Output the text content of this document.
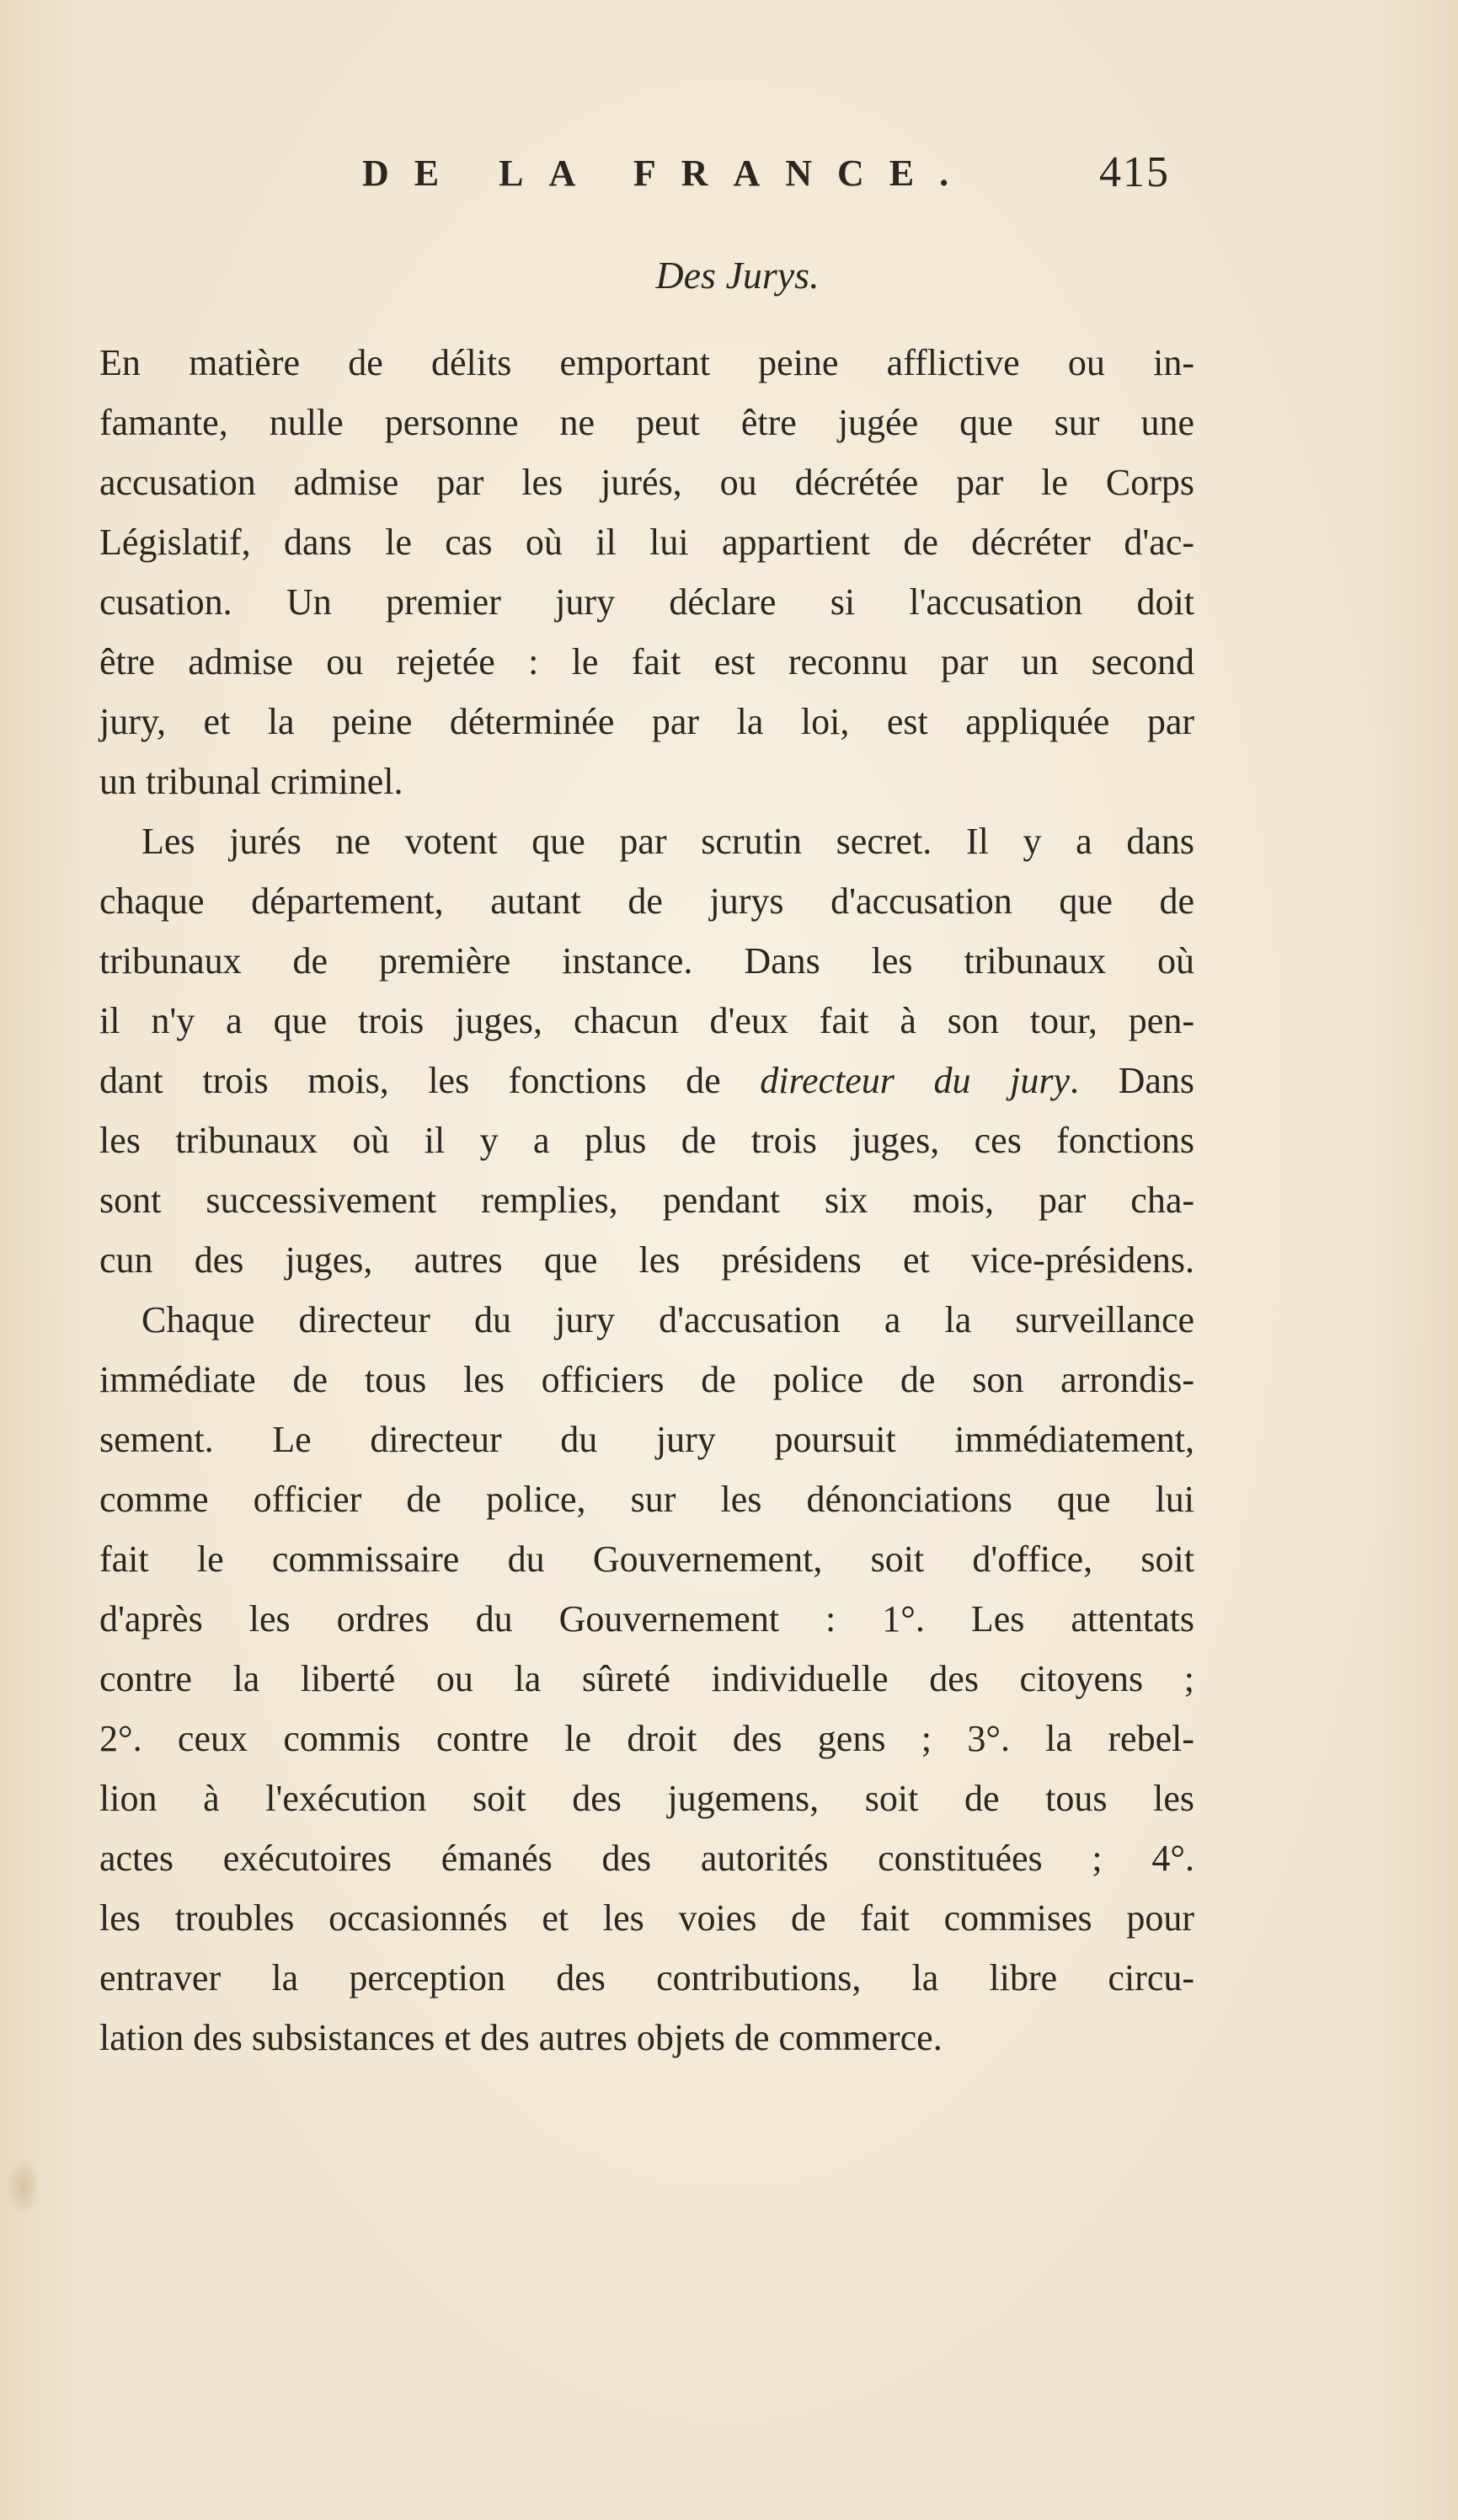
DE LA FRANCE.	415
Des Jurys.
En matière de délits emportant peine afflictive ou in-
famante, nulle personne ne peut être jugée que sur une
accusation admise par les jurés, ou décrétée par le Corps
Législatif, dans le cas où il lui appartient de décréter d'ac-
cusation. Un premier jury déclare si l'accusation doit
être admise ou rejetée : le fait est reconnu par un second
jury, et la peine déterminée par la loi, est appliquée par
un tribunal criminel.
Les jurés ne votent que par scrutin secret. Il y a dans
chaque département, autant de jurys d'accusation que de
tribunaux de première instance. Dans les tribunaux où
il n'y a que trois juges, chacun d'eux fait à son tour, pen-
dant trois mois, les fonctions de directeur du jury. Dans
les tribunaux où il y a plus de trois juges, ces fonctions
sont successivement remplies, pendant six mois, par cha-
cun des juges, autres que les présidens et vice-présidens.
Chaque directeur du jury d'accusation a la surveillance
immédiate de tous les officiers de police de son arrondis-
sement. Le directeur du jury poursuit immédiatement,
comme officier de police, sur les dénonciations que lui
fait le commissaire du Gouvernement, soit d'office, soit
d'après les ordres du Gouvernement : 1°. Les attentats
contre la liberté ou la sûreté individuelle des citoyens ;
2°. ceux commis contre le droit des gens ; 3°. la rebel-
lion à l'exécution soit des jugemens, soit de tous les
actes exécutoires émanés des autorités constituées ; 4°.
les troubles occasionnés et les voies de fait commises pour
entraver la perception des contributions, la libre circu-
lation des subsistances et des autres objets de commerce.
